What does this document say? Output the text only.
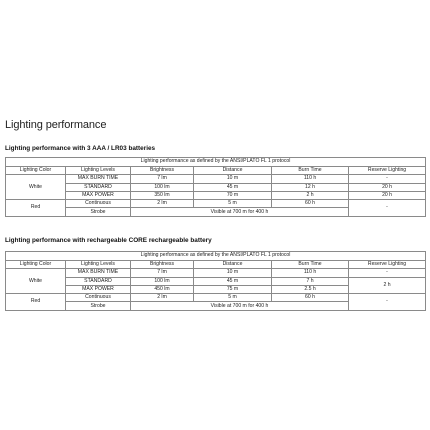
Lighting performance
Lighting performance with 3 AAA / LR03 batteries
Lighting performance as defined by the ANSI/PLATO FL 1 protocol					
Lighting Color	Lighting Levels	Brightness	Distance	Burn Time	Reserve Lighting
White	MAX BURN TIME	7 lm	10 m	110 h	-
	STANDARD	100 lm	45 m	12 h	20 h
	MAX POWER	350 lm	70 m	2 h	20 h
Red	Continuous	2 lm	5 m	60 h	-
	Strobe	Visible at 700 m for 400 h			
Lighting performance with rechargeable CORE rechargeable battery
Lighting performance as defined by the ANSI/PLATO FL 1 protocol					
Lighting Color	Lighting Levels	Brightness	Distance	Burn Time	Reserve Lighting
White	MAX BURN TIME	7 lm	10 m	110 h	-
	STANDARD	100 lm	45 m	7 h	2 h
	MAX POWER	450 lm	75 m	2.5 h	
Red	Continuous	2 lm	5 m	60 h	-
	Strobe	Visible at 700 m for 400 h			
